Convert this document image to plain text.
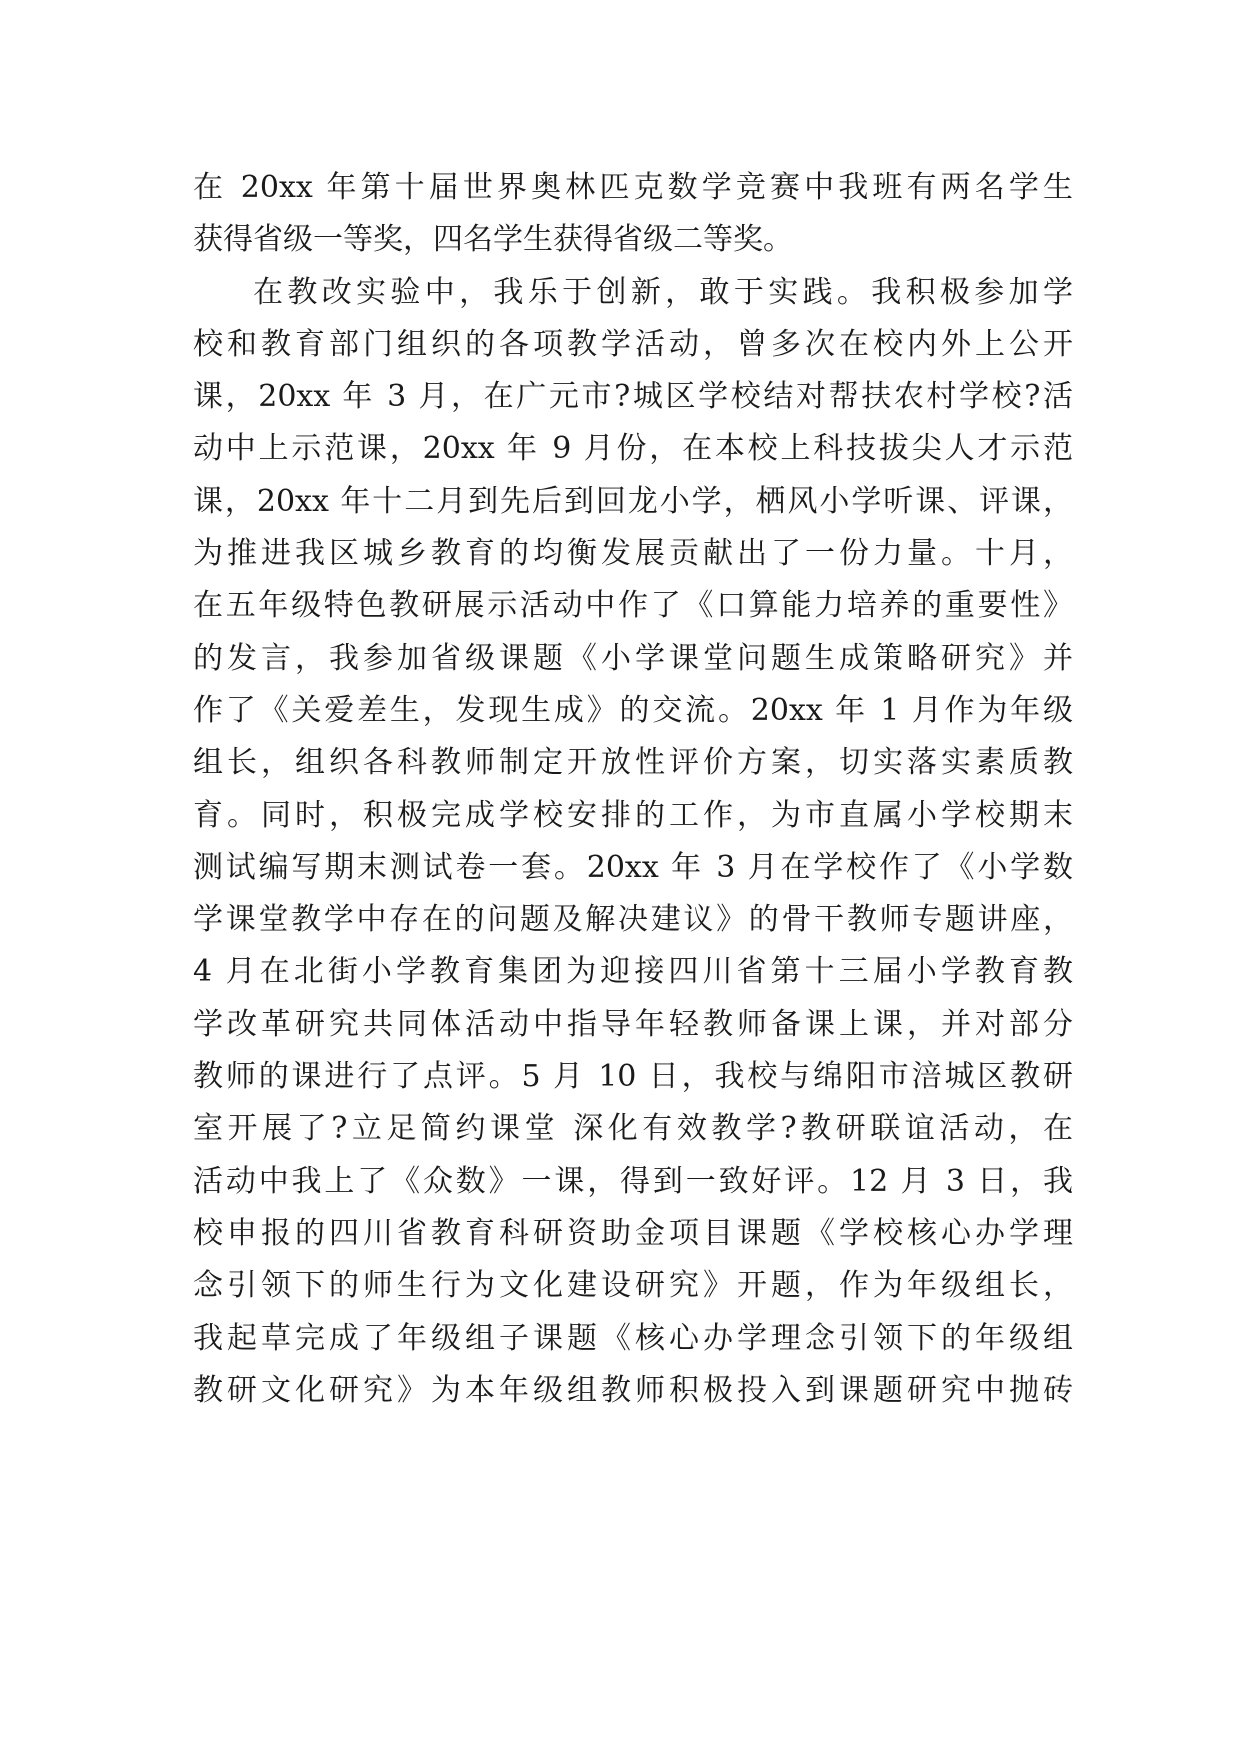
在 20xx 年第十届世界奥林匹克数学竞赛中我班有两名学生
获得省级一等奖，四名学生获得省级二等奖。
在教改实验中，我乐于创新，敢于实践。我积极参加学
校和教育部门组织的各项教学活动，曾多次在校内外上公开
课，20xx 年 3 月，在广元市?城区学校结对帮扶农村学校?活
动中上示范课，20xx 年 9 月份，在本校上科技拔尖人才示范
课，20xx 年十二月到先后到回龙小学，栖风小学听课、评课，
为推进我区城乡教育的均衡发展贡献出了一份力量。十月，
在五年级特色教研展示活动中作了《口算能力培养的重要性》
的发言，我参加省级课题《小学课堂问题生成策略研究》并
作了《关爱差生，发现生成》的交流。20xx 年 1 月作为年级
组长，组织各科教师制定开放性评价方案，切实落实素质教
育。同时，积极完成学校安排的工作，为市直属小学校期末
测试编写期末测试卷一套。20xx 年 3 月在学校作了《小学数
学课堂教学中存在的问题及解决建议》的骨干教师专题讲座，
4 月在北街小学教育集团为迎接四川省第十三届小学教育教
学改革研究共同体活动中指导年轻教师备课上课，并对部分
教师的课进行了点评。5 月 10 日，我校与绵阳市涪城区教研
室开展了?立足简约课堂 深化有效教学?教研联谊活动，在
活动中我上了《众数》一课，得到一致好评。12 月 3 日，我
校申报的四川省教育科研资助金项目课题《学校核心办学理
念引领下的师生行为文化建设研究》开题，作为年级组长，
我起草完成了年级组子课题《核心办学理念引领下的年级组
教研文化研究》为本年级组教师积极投入到课题研究中抛砖
